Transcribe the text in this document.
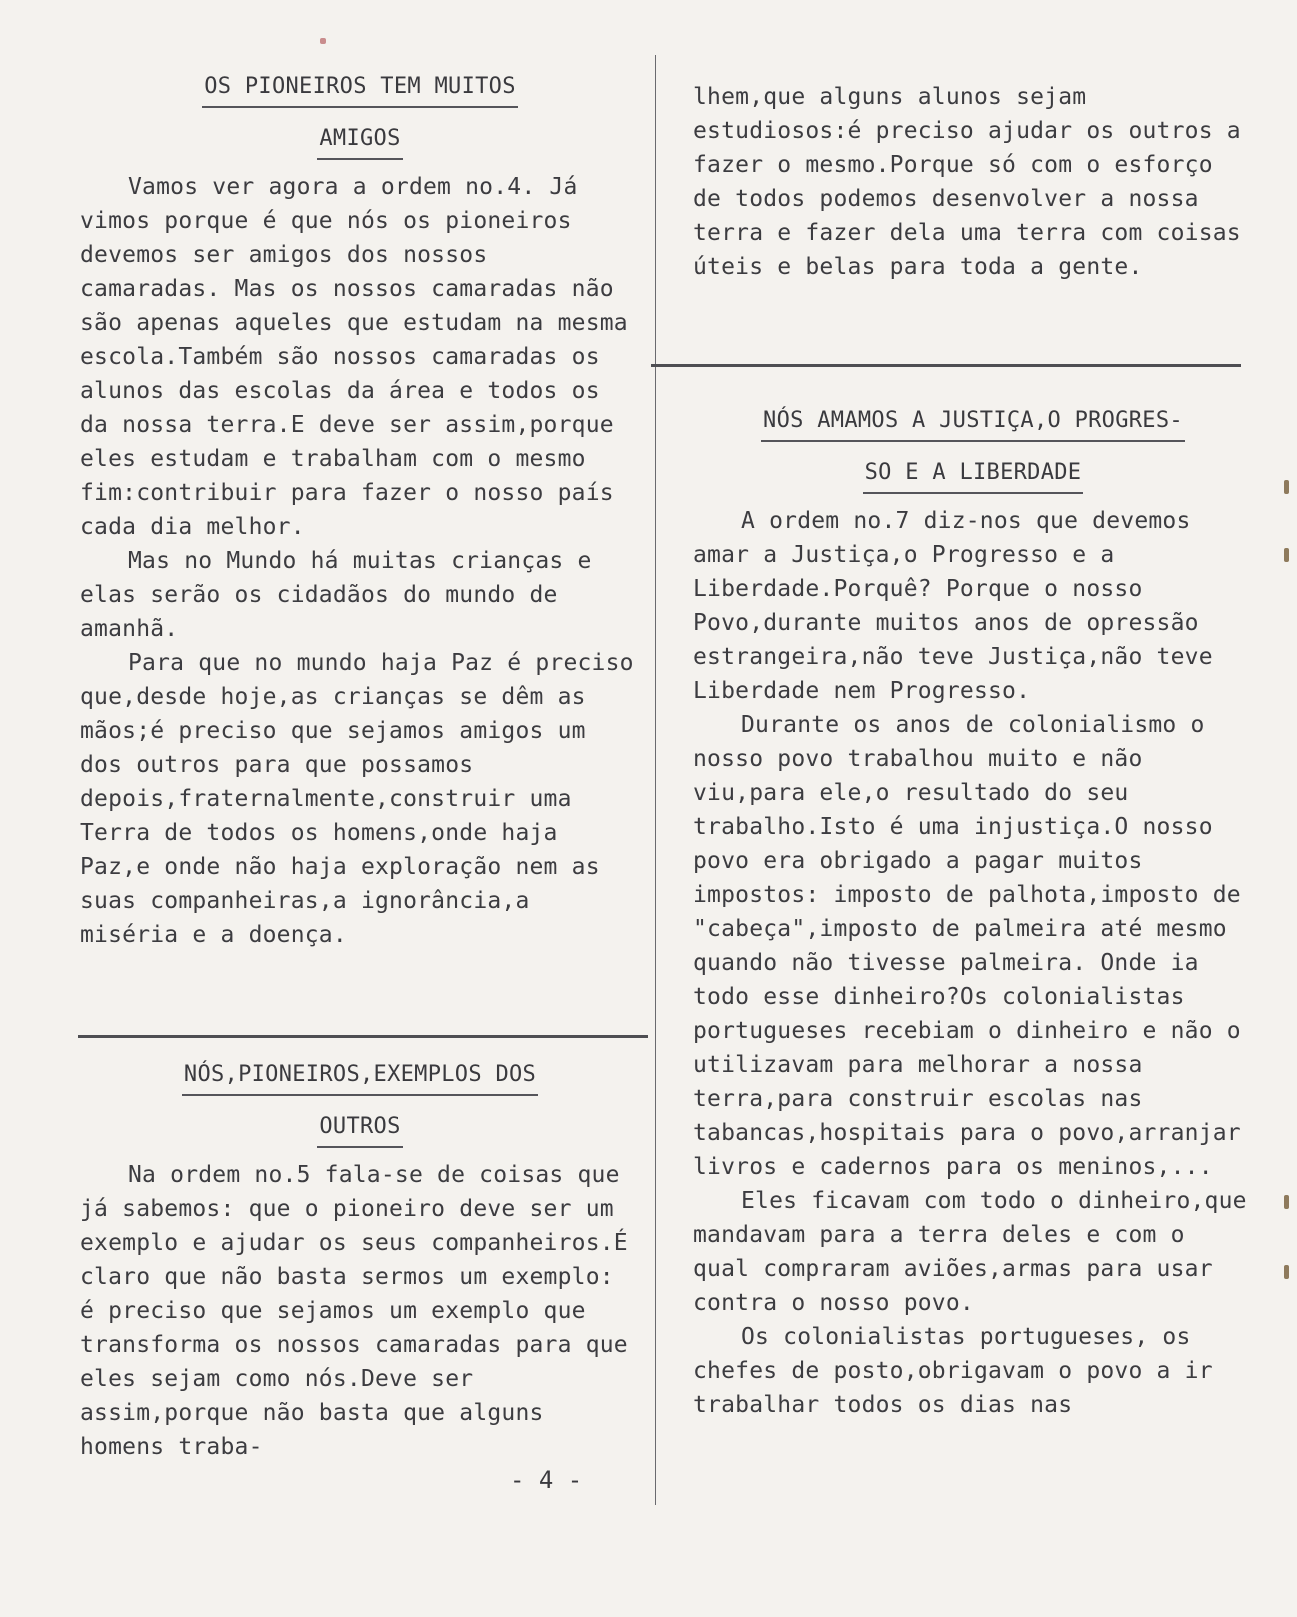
OS PIONEIROS TEM MUITOS

AMIGOS

Vamos ver agora a ordem no.4. Já vimos porque é que nós os pioneiros devemos ser amigos dos nossos camaradas. Mas os nossos camaradas não são apenas aqueles que estudam na mesma escola.Também são nossos camaradas os alunos das escolas da área e todos os da nossa terra.E deve ser assim,porque eles estudam e trabalham com o mesmo fim:contribuir para fazer o nosso país cada dia melhor.

Mas no Mundo há muitas crianças e elas serão os cidadãos do mundo de amanhã.

Para que no mundo haja Paz é preciso que,desde hoje,as crianças se dêm as mãos;é preciso que sejamos amigos um dos outros para que possamos depois,fraternalmente,construir uma Terra de todos os homens,onde haja Paz,e onde não haja exploração nem as suas companheiras,a ignorância,a miséria e a doença.

NÓS,PIONEIROS,EXEMPLOS DOS

OUTROS

Na ordem no.5 fala-se de coisas que já sabemos: que o pioneiro deve ser um exemplo e ajudar os seus companheiros.É claro que não basta sermos um exemplo: é preciso que sejamos um exemplo que transforma os nossos camaradas para que eles sejam como nós.Deve ser assim,porque não basta que alguns homens traba-

- 4 -

lhem,que alguns alunos sejam estudiosos:é preciso ajudar os outros a fazer o mesmo.Porque só com o esforço de todos podemos desenvolver a nossa terra e fazer dela uma terra com coisas úteis e belas para toda a gente.

NÓS AMAMOS A JUSTIÇA,O PROGRES-

SO E A LIBERDADE

A ordem no.7 diz-nos que devemos amar a Justiça,o Progresso e a Liberdade.Porquê? Porque o nosso Povo,durante muitos anos de opressão estrangeira,não teve Justiça,não teve Liberdade nem Progresso.

Durante os anos de colonialismo o nosso povo trabalhou muito e não viu,para ele,o resultado do seu trabalho.Isto é uma injustiça.O nosso povo era obrigado a pagar muitos impostos: imposto de palhota,imposto de "cabeça",imposto de palmeira até mesmo quando não tivesse palmeira. Onde ia todo esse dinheiro?Os colonialistas portugueses recebiam o dinheiro e não o utilizavam para melhorar a nossa terra,para construir escolas nas tabancas,hospitais para o povo,arranjar livros e cadernos para os meninos,...

Eles ficavam com todo o dinheiro,que mandavam para a terra deles e com o qual compraram aviões,armas para usar contra o nosso povo.

Os colonialistas portugueses, os chefes de posto,obrigavam o povo a ir trabalhar todos os dias nas
